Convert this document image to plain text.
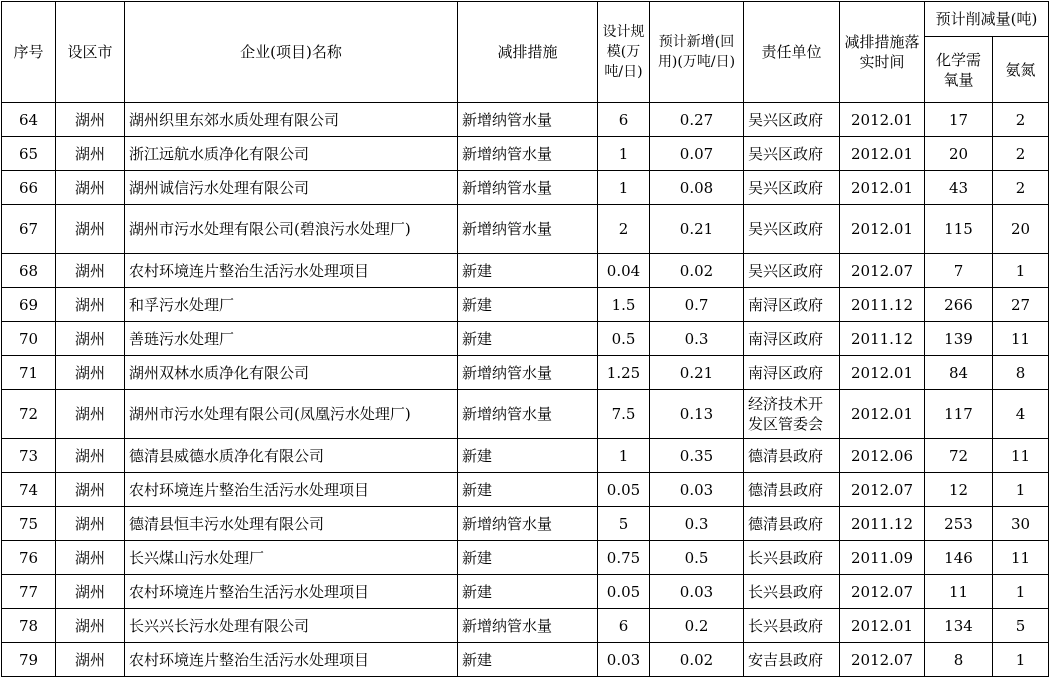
序号	设区市	企业(项目)名称	减排措施	设计规模(万吨/日)	预计新增(回用)(万吨/日)	责任单位	减排措施落实时间	预计削减量(吨)	
								化学需氧量	氨氮
64	湖州	湖州织里东郊水质处理有限公司	新增纳管水量	6	0.27	吴兴区政府	2012.01	17	2
65	湖州	浙江远航水质净化有限公司	新增纳管水量	1	0.07	吴兴区政府	2012.01	20	2
66	湖州	湖州诚信污水处理有限公司	新增纳管水量	1	0.08	吴兴区政府	2012.01	43	2
67	湖州	湖州市污水处理有限公司(碧浪污水处理厂)	新增纳管水量	2	0.21	吴兴区政府	2012.01	115	20
68	湖州	农村环境连片整治生活污水处理项目	新建	0.04	0.02	吴兴区政府	2012.07	7	1
69	湖州	和孚污水处理厂	新建	1.5	0.7	南浔区政府	2011.12	266	27
70	湖州	善琏污水处理厂	新建	0.5	0.3	南浔区政府	2011.12	139	11
71	湖州	湖州双林水质净化有限公司	新增纳管水量	1.25	0.21	南浔区政府	2012.01	84	8
72	湖州	湖州市污水处理有限公司(凤凰污水处理厂)	新增纳管水量	7.5	0.13	经济技术开发区管委会	2012.01	117	4
73	湖州	德清县威德水质净化有限公司	新建	1	0.35	德清县政府	2012.06	72	11
74	湖州	农村环境连片整治生活污水处理项目	新建	0.05	0.03	德清县政府	2012.07	12	1
75	湖州	德清县恒丰污水处理有限公司	新增纳管水量	5	0.3	德清县政府	2011.12	253	30
76	湖州	长兴煤山污水处理厂	新建	0.75	0.5	长兴县政府	2011.09	146	11
77	湖州	农村环境连片整治生活污水处理项目	新建	0.05	0.03	长兴县政府	2012.07	11	1
78	湖州	长兴兴长污水处理有限公司	新增纳管水量	6	0.2	长兴县政府	2012.01	134	5
79	湖州	农村环境连片整治生活污水处理项目	新建	0.03	0.02	安吉县政府	2012.07	8	1
